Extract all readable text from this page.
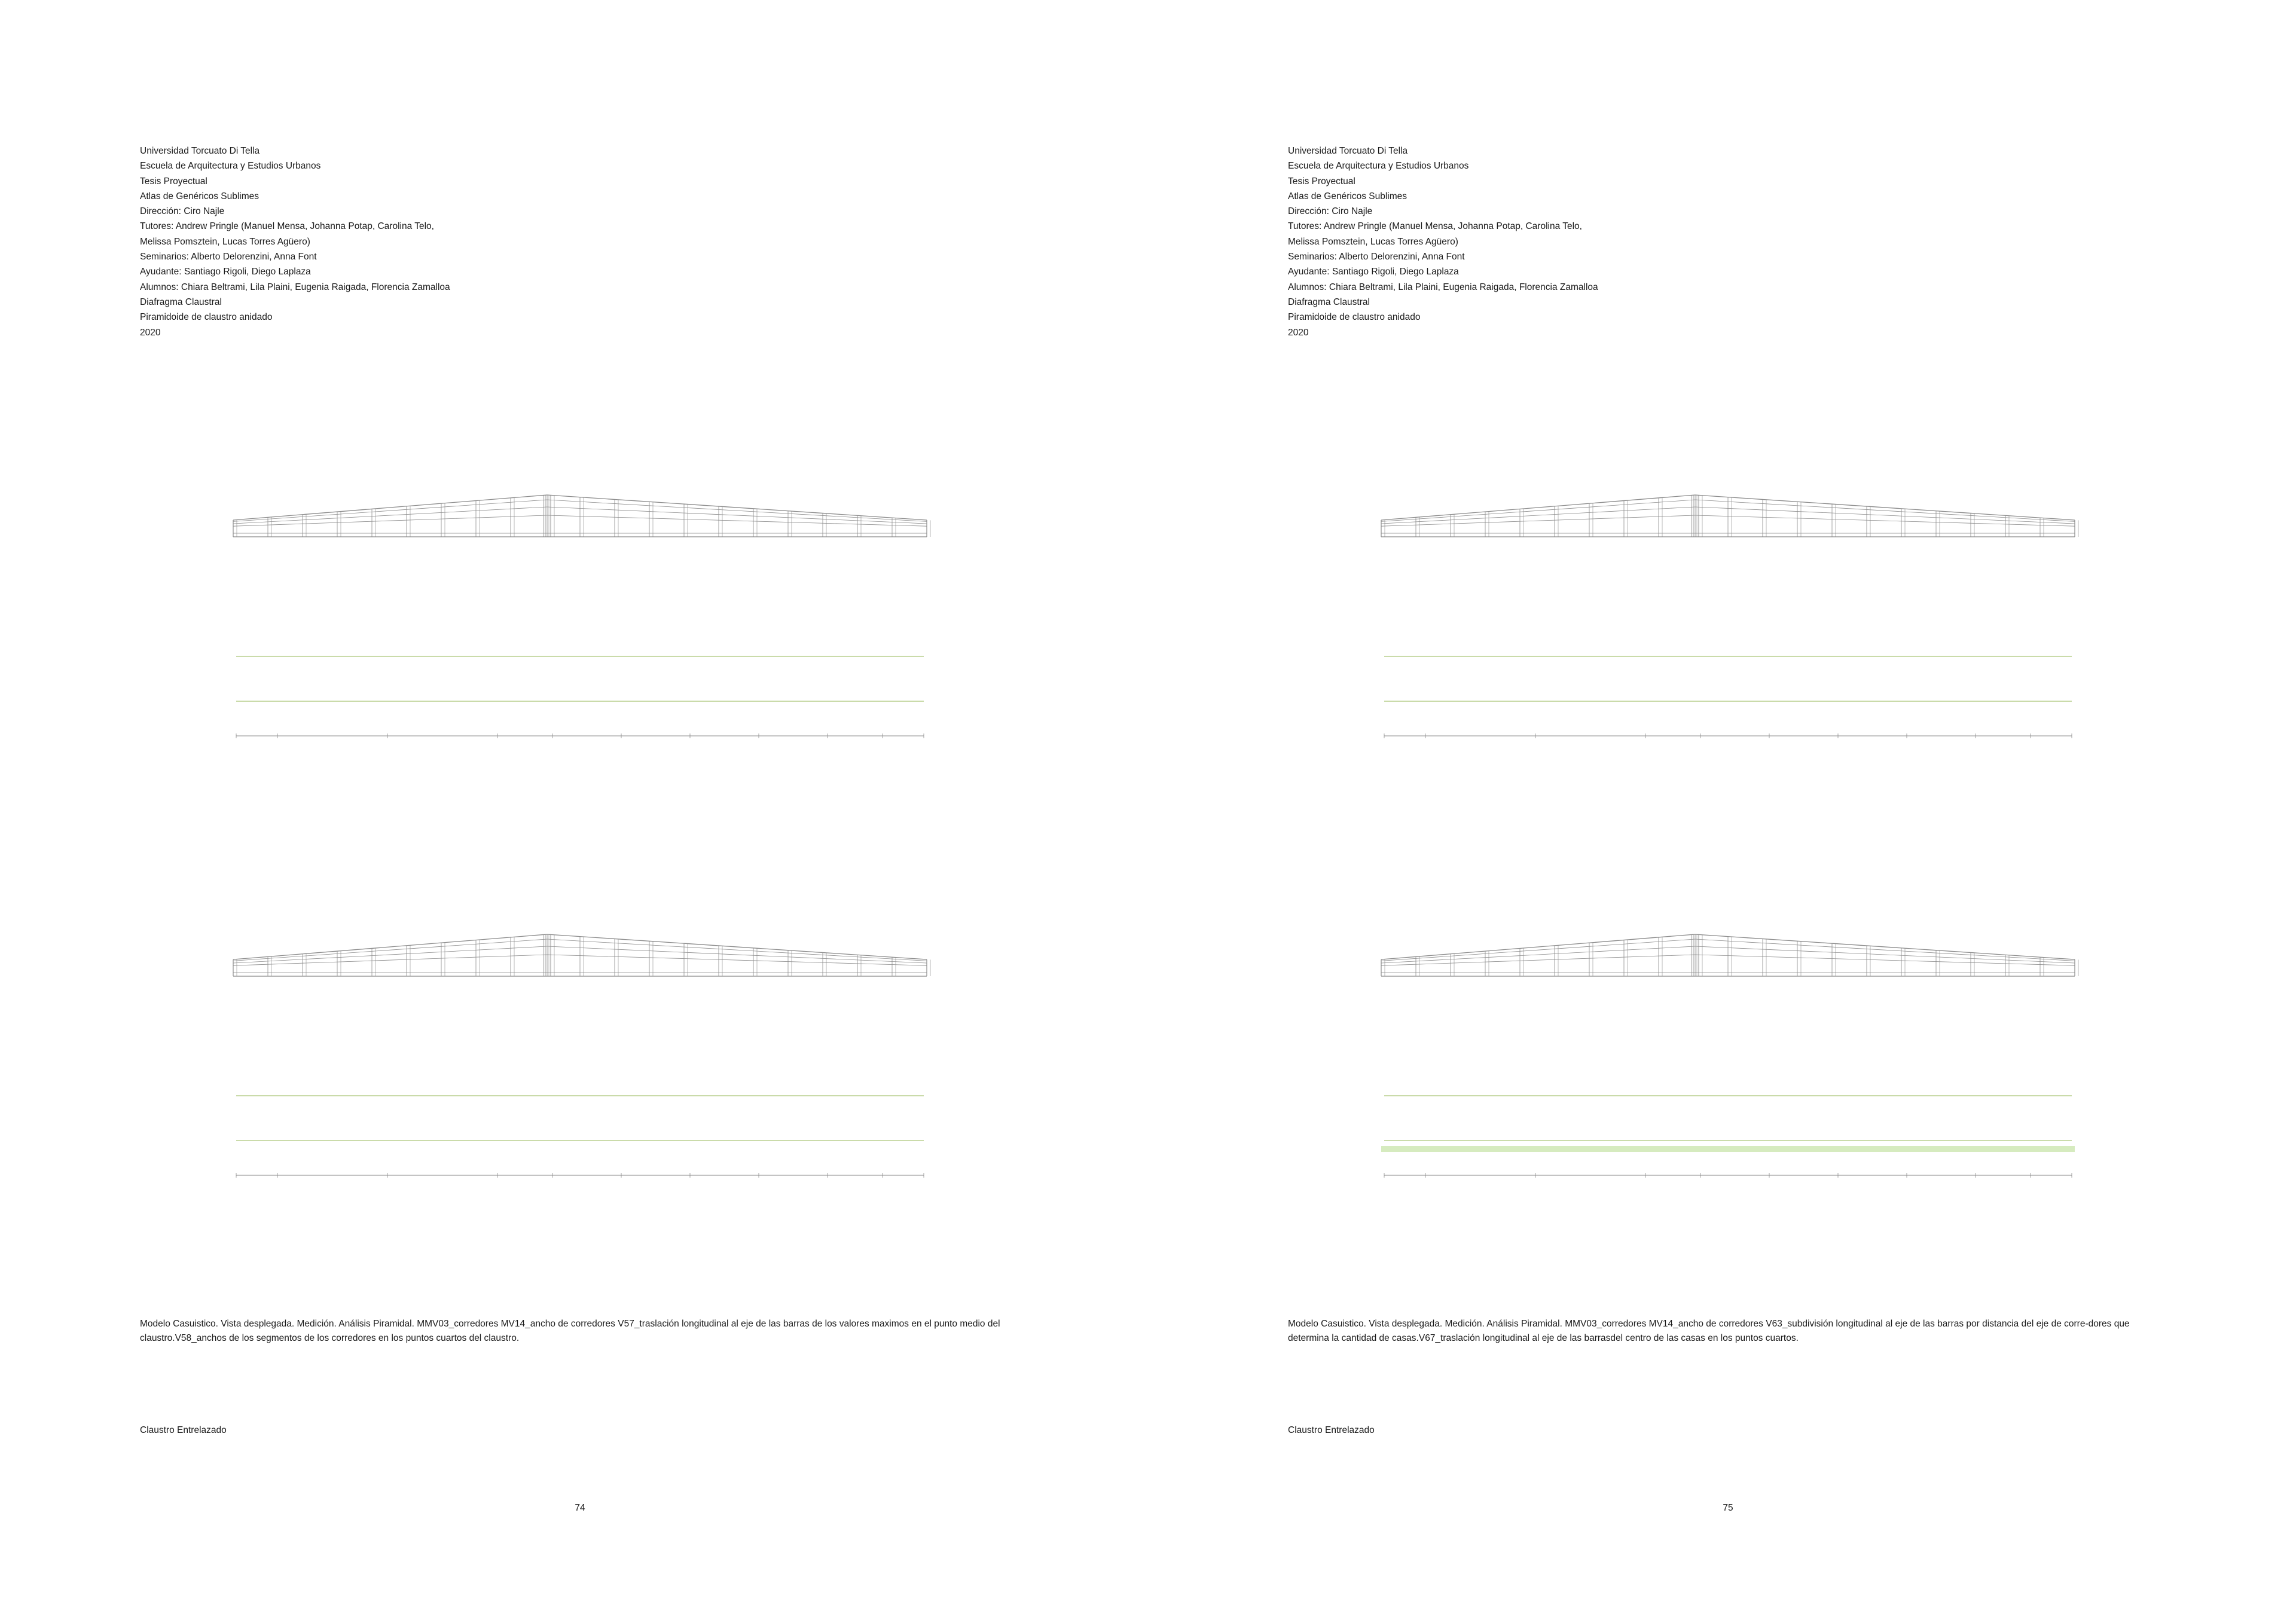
Universidad Torcuato Di Tella
Escuela de Arquitectura y Estudios Urbanos
Tesis Proyectual
Atlas de Genéricos Sublimes
Dirección: Ciro Najle
Tutores: Andrew Pringle (Manuel Mensa, Johanna Potap, Carolina Telo,
Melissa Pomsztein, Lucas Torres Agüero)
Seminarios: Alberto Delorenzini, Anna Font
Ayudante: Santiago Rigoli, Diego Laplaza
Alumnos: Chiara Beltrami, Lila Plaini, Eugenia Raigada, Florencia Zamalloa
Diafragma Claustral
Piramidoide de claustro anidado
2020
Modelo Casuistico. Vista desplegada. Medición. Análisis Piramidal. MMV03_corredores MV14_ancho de corredores V57_traslación longitudinal al eje de las barras de los valores maximos en el punto medio del claustro.V58_anchos de los segmentos de los corredores en los puntos cuartos del claustro.
Claustro Entrelazado
74
Universidad Torcuato Di Tella
Escuela de Arquitectura y Estudios Urbanos
Tesis Proyectual
Atlas de Genéricos Sublimes
Dirección: Ciro Najle
Tutores: Andrew Pringle (Manuel Mensa, Johanna Potap, Carolina Telo,
Melissa Pomsztein, Lucas Torres Agüero)
Seminarios: Alberto Delorenzini, Anna Font
Ayudante: Santiago Rigoli, Diego Laplaza
Alumnos: Chiara Beltrami, Lila Plaini, Eugenia Raigada, Florencia Zamalloa
Diafragma Claustral
Piramidoide de claustro anidado
2020
Modelo Casuistico. Vista desplegada. Medición. Análisis Piramidal. MMV03_corredores MV14_ancho de corredores V63_subdivisión longitudinal al eje de las barras por distancia del eje de corre-dores que determina la cantidad de casas.V67_traslación longitudinal al eje de las barrasdel centro de las casas en los puntos cuartos.
Claustro Entrelazado
75
